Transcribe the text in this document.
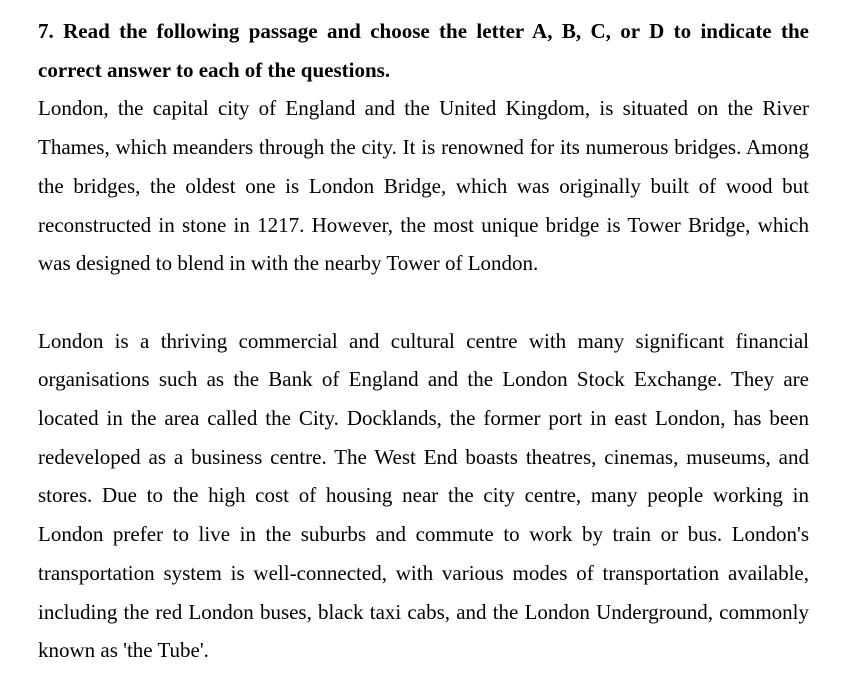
7. Read the following passage and choose the letter A, B, C, or D to indicate the correct answer to each of the questions.

London, the capital city of England and the United Kingdom, is situated on the River Thames, which meanders through the city. It is renowned for its numerous bridges. Among the bridges, the oldest one is London Bridge, which was originally built of wood but reconstructed in stone in 1217. However, the most unique bridge is Tower Bridge, which was designed to blend in with the nearby Tower of London.

London is a thriving commercial and cultural centre with many significant financial organisations such as the Bank of England and the London Stock Exchange. They are located in the area called the City. Docklands, the former port in east London, has been redeveloped as a business centre. The West End boasts theatres, cinemas, museums, and stores. Due to the high cost of housing near the city centre, many people working in London prefer to live in the suburbs and commute to work by train or bus. London's transportation system is well-connected, with various modes of transportation available, including the red London buses, black taxi cabs, and the London Underground, commonly known as 'the Tube'.
